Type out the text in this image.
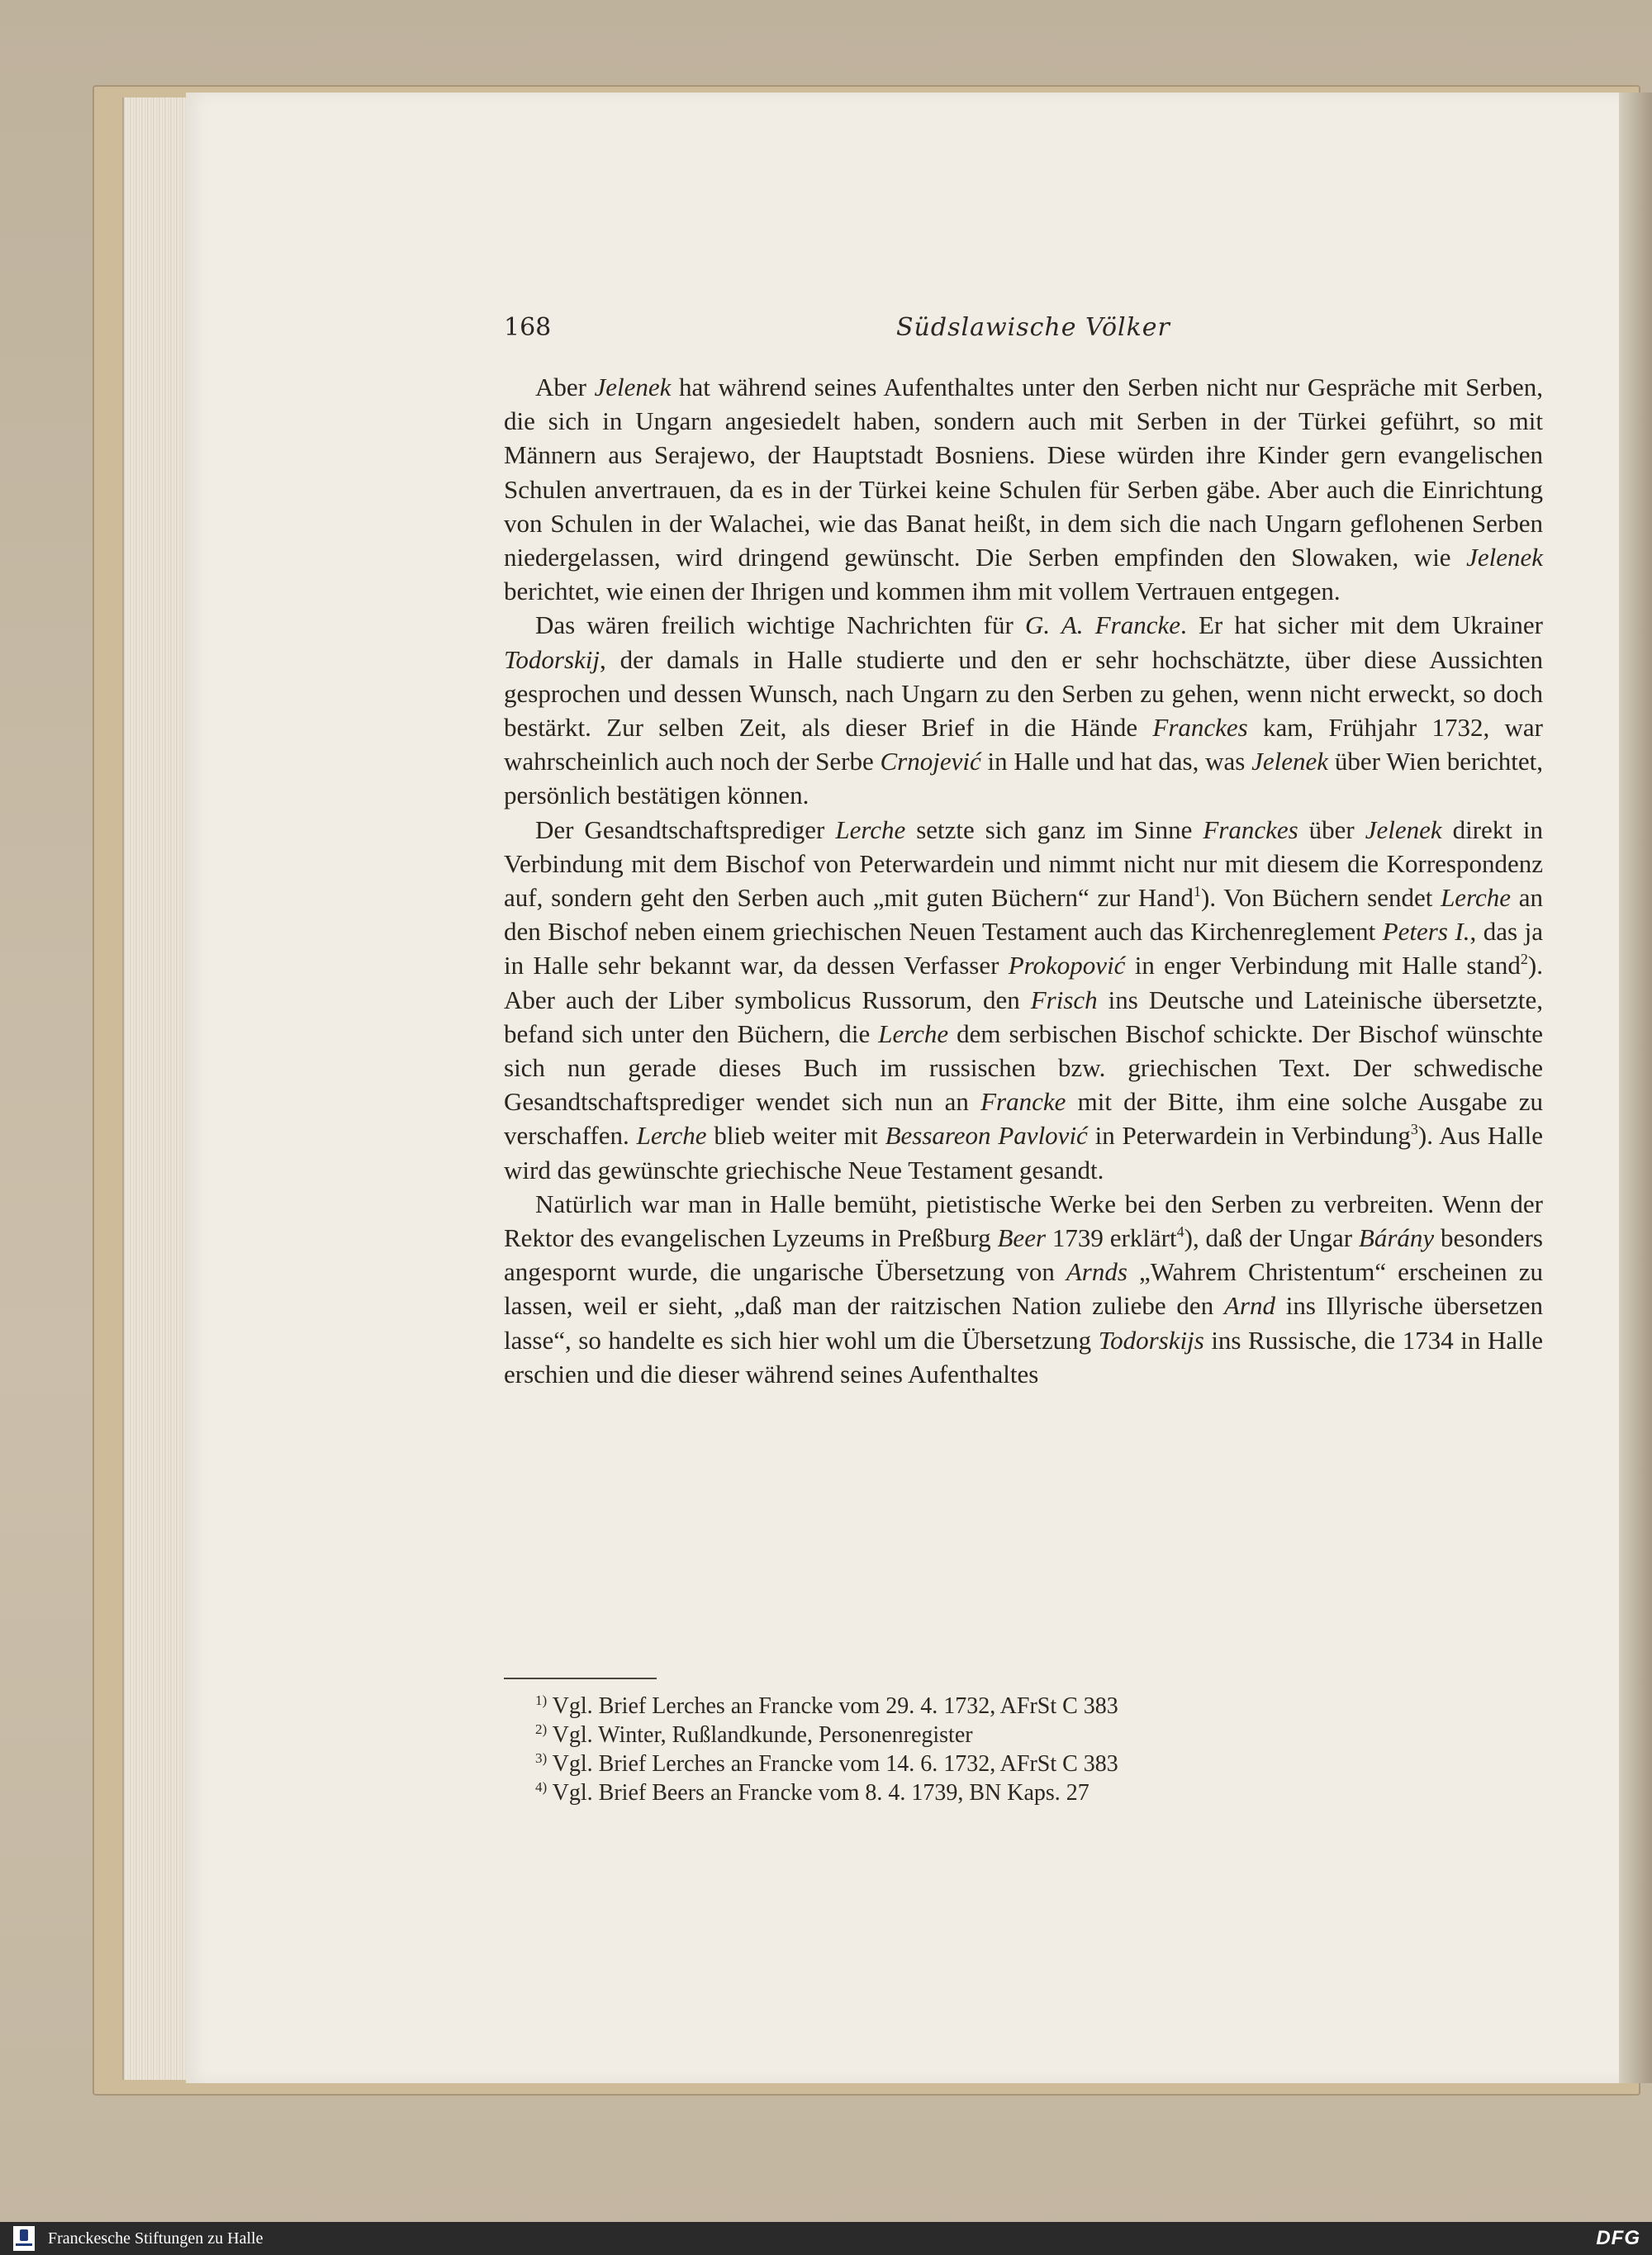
168	Südslawische Völker

Aber Jelenek hat während seines Aufenthaltes unter den Serben nicht nur Gespräche mit Serben, die sich in Ungarn angesiedelt haben, sondern auch mit Serben in der Türkei geführt, so mit Männern aus Serajewo, der Hauptstadt Bosniens. Diese würden ihre Kinder gern evangelischen Schulen anvertrauen, da es in der Türkei keine Schulen für Serben gäbe. Aber auch die Einrichtung von Schulen in der Walachei, wie das Banat heißt, in dem sich die nach Ungarn geflohenen Serben niedergelassen, wird dringend gewünscht. Die Serben empfinden den Slowaken, wie Jelenek berichtet, wie einen der Ihrigen und kommen ihm mit vollem Vertrauen entgegen.

Das wären freilich wichtige Nachrichten für G. A. Francke. Er hat sicher mit dem Ukrainer Todorskij, der damals in Halle studierte und den er sehr hochschätzte, über diese Aussichten gesprochen und dessen Wunsch, nach Ungarn zu den Serben zu gehen, wenn nicht erweckt, so doch bestärkt. Zur selben Zeit, als dieser Brief in die Hände Franckes kam, Frühjahr 1732, war wahrscheinlich auch noch der Serbe Crnojević in Halle und hat das, was Jelenek über Wien berichtet, persönlich bestätigen können.

Der Gesandtschaftsprediger Lerche setzte sich ganz im Sinne Franckes über Jelenek direkt in Verbindung mit dem Bischof von Peterwardein und nimmt nicht nur mit diesem die Korrespondenz auf, sondern geht den Serben auch „mit guten Büchern“ zur Hand$^1$). Von Büchern sendet Lerche an den Bischof neben einem griechischen Neuen Testament auch das Kirchenreglement Peters I., das ja in Halle sehr bekannt war, da dessen Verfasser Prokopović in enger Verbindung mit Halle stand$^2$). Aber auch der Liber symbolicus Russorum, den Frisch ins Deutsche und Lateinische übersetzte, befand sich unter den Büchern, die Lerche dem serbischen Bischof schickte. Der Bischof wünschte sich nun gerade dieses Buch im russischen bzw. griechischen Text. Der schwedische Gesandtschaftsprediger wendet sich nun an Francke mit der Bitte, ihm eine solche Ausgabe zu verschaffen. Lerche blieb weiter mit Bessareon Pavlović in Peterwardein in Verbindung$^3$). Aus Halle wird das gewünschte griechische Neue Testament gesandt.

Natürlich war man in Halle bemüht, pietistische Werke bei den Serben zu verbreiten. Wenn der Rektor des evangelischen Lyzeums in Preßburg Beer 1739 erklärt$^4$), daß der Ungar Bárány besonders angespornt wurde, die ungarische Übersetzung von Arnds „Wahrem Christentum“ erscheinen zu lassen, weil er sieht, „daß man der raitzischen Nation zuliebe den Arnd ins Illyrische übersetzen lasse“, so handelte es sich hier wohl um die Übersetzung Todorskijs ins Russische, die 1734 in Halle erschien und die dieser während seines Aufenthaltes

$^{1)}$ Vgl. Brief Lerches an Francke vom 29. 4. 1732, AFrSt C 383
$^{2)}$ Vgl. Winter, Rußlandkunde, Personenregister
$^{3)}$ Vgl. Brief Lerches an Francke vom 14. 6. 1732, AFrSt C 383
$^{4)}$ Vgl. Brief Beers an Francke vom 8. 4. 1739, BN Kaps. 27
Franckesche Stiftungen zu Halle	DFG
